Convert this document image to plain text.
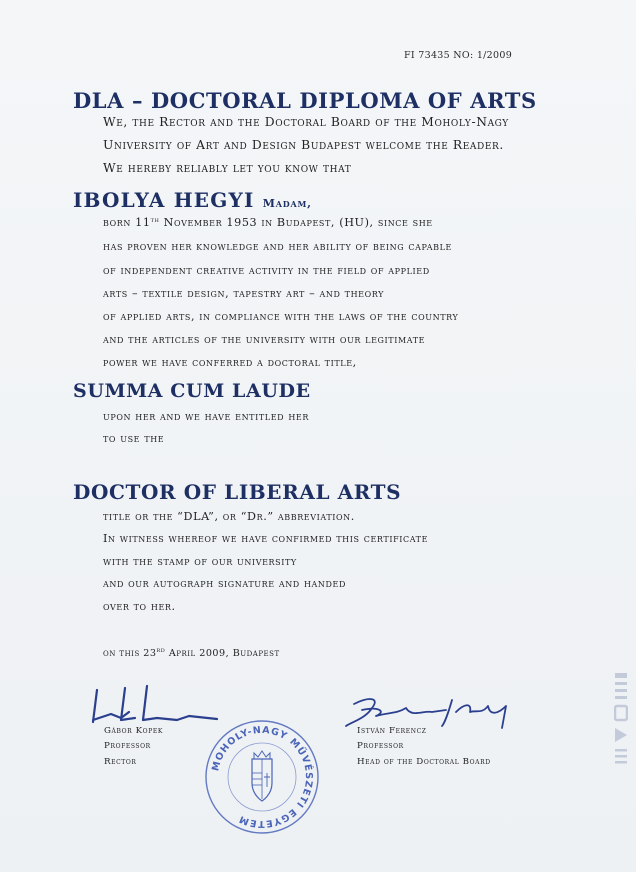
FI 73435 NO: 1/2009
DLA – DOCTORAL DIPLOMA OF ARTS
We, the Rector and the Doctoral Board of the Moholy-Nagy
University of Art and Design Budapest welcome the Reader.
We hereby reliably let you know that
IBOLYA HEGYI Madam,
born 11th November 1953 in Budapest, (HU), since she
has proven her knowledge and her ability of being capable
of independent creative activity in the field of applied
arts – textile design, tapestry art – and theory
of applied arts, in compliance with the laws of the country
and the articles of the university with our legitimate
power we have conferred a doctoral title,
SUMMA CUM LAUDE
upon her and we have entitled her
to use the
DOCTOR OF LIBERAL ARTS
title or the “DLA”, or “Dr.” abbreviation.
In witness whereof we have confirmed this certificate
with the stamp of our university
and our autograph signature and handed
over to her.
on this 23rd April 2009, Budapest
Gábor Kopek
Professor
Rector
István Ferencz
Professor
Head of the Doctoral Board
MOHOLY-NAGY MŰVÉSZETI EGYETEM
